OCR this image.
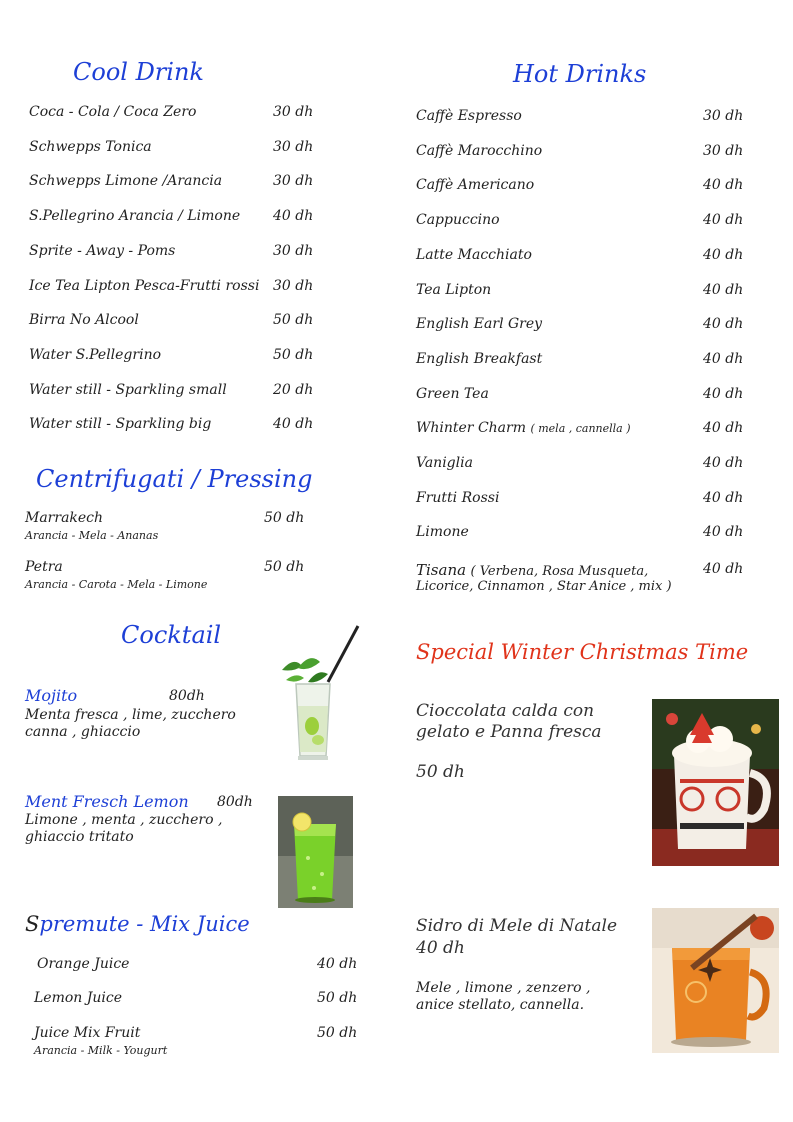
Cool Drink
Coca - Cola / Coca Zero	30 dh
Schwepps Tonica	30 dh
Schwepps Limone /Arancia	30 dh
S.Pellegrino Arancia / Limone 40 dh
Sprite - Away - Poms	30 dh
Ice Tea Lipton Pesca-Frutti rossi 30 dh
Birra No Alcool	50 dh
Water S.Pellegrino	50 dh
Water still - Sparkling small	20 dh
Water still - Sparkling big	40 dh
Centrifugati / Pressing
Marrakech
Arancia - Mela - Ananas
50 dh
Petra
Arancia - Carota - Mela - Limone
50 dh
Cocktail
Mojito	80dh
Menta fresca , lime, zucchero
canna , ghiaccio
Ment Fresch Lemon 80dh
Limone , menta , zucchero ,
ghiaccio tritato
Spremute - Mix Juice
Orange Juice	40 dh
Lemon Juice	50 dh
Juice Mix Fruit
Arancia - Milk - Yougurt
50 dh
Hot Drinks
Caffè Espresso	30 dh
Caffè Marocchino	30 dh
Caffè Americano	40 dh
Cappuccino	40 dh
Latte Macchiato	40 dh
Tea Lipton	40 dh
English Earl Grey	40 dh
English Breakfast	40 dh
Green Tea	40 dh
Whinter Charm ( mela , cannella )	40 dh
Vaniglia	40 dh
Frutti Rossi	40 dh
Limone	40 dh
Tisana ( Verbena, Rosa Musqueta,
Licorice, Cinnamon , Star Anice , mix )
40 dh
Special Winter Christmas Time
Cioccolata calda con
gelato e Panna fresca
50 dh
Sidro di Mele di Natale
40 dh
Mele , limone , zenzero ,
anice stellato, cannella.
